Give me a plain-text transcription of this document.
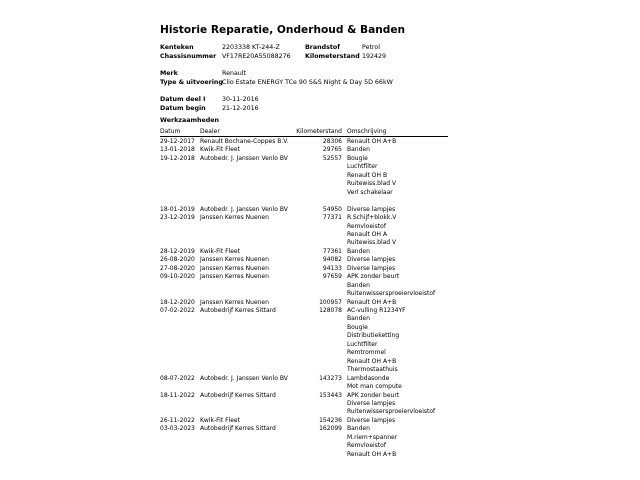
Historie Reparatie, Onderhoud & Banden
Kenteken	2203338 KT-244-Z	Brandstof	Petrol
Chassisnummer VF17RE20A55088276 Kilometerstand 192429
Merk	Renault
Type & uitvoering Clio Estate ENERGY TCe 90 S&S Night & Day 5D 66kW
Datum deel I	30-11-2016
Datum begin	21-12-2016
Werkzaamheden
Datum	Dealer	Kilometerstand Omschrijving
29-12-2017 Renault Bochane-Coppes B.V.	28306 Renault OH A+B
13-01-2018 Kwik-Fit Fleet	29765 Banden
19-12-2018 Autobedr. J. Janssen Venlo BV	52557 Bougie
Luchtfilter
Renault OH B
Ruitewiss.blad V
Verl schakelaar
18-01-2019 Autobedr. J. Janssen Venlo BV	54950 Diverse lampjes
23-12-2019 Janssen Kerres Nuenen	77371 R.Schijf+blokk.V
Remvloeistof
Renault OH A
Ruitewiss.blad V
28-12-2019 Kwik-Fit Fleet	77361 Banden
26-08-2020 Janssen Kerres Nuenen	94082 Diverse lampjes
27-08-2020 Janssen Kerres Nuenen	94133 Diverse lampjes
09-10-2020 Janssen Kerres Nuenen	97659 APK zonder beurt
Banden
Ruitenwissersproeiervloeistof
18-12-2020 Janssen Kerres Nuenen	100957 Renault OH A+B
07-02-2022 Autobedrijf Kerres Sittard	128078 AC-vulling R1234YF
Banden
Bougie
Distributieketting
Luchtfilter
Remtrommel
Renault OH A+B
Thermostaathuis
08-07-2022 Autobedr. J. Janssen Venlo BV	143273 Lambdasonde
Mot man compute
18-11-2022 Autobedrijf Kerres Sittard	153443 APK zonder beurt
Diverse lampjes
Ruitenwissersproeiervloeistof
26-11-2022 Kwik-Fit Fleet	154236 Diverse lampjes
03-03-2023 Autobedrijf Kerres Sittard	162099 Banden
M.riem+spanner
Remvloeistof
Renault OH A+B
